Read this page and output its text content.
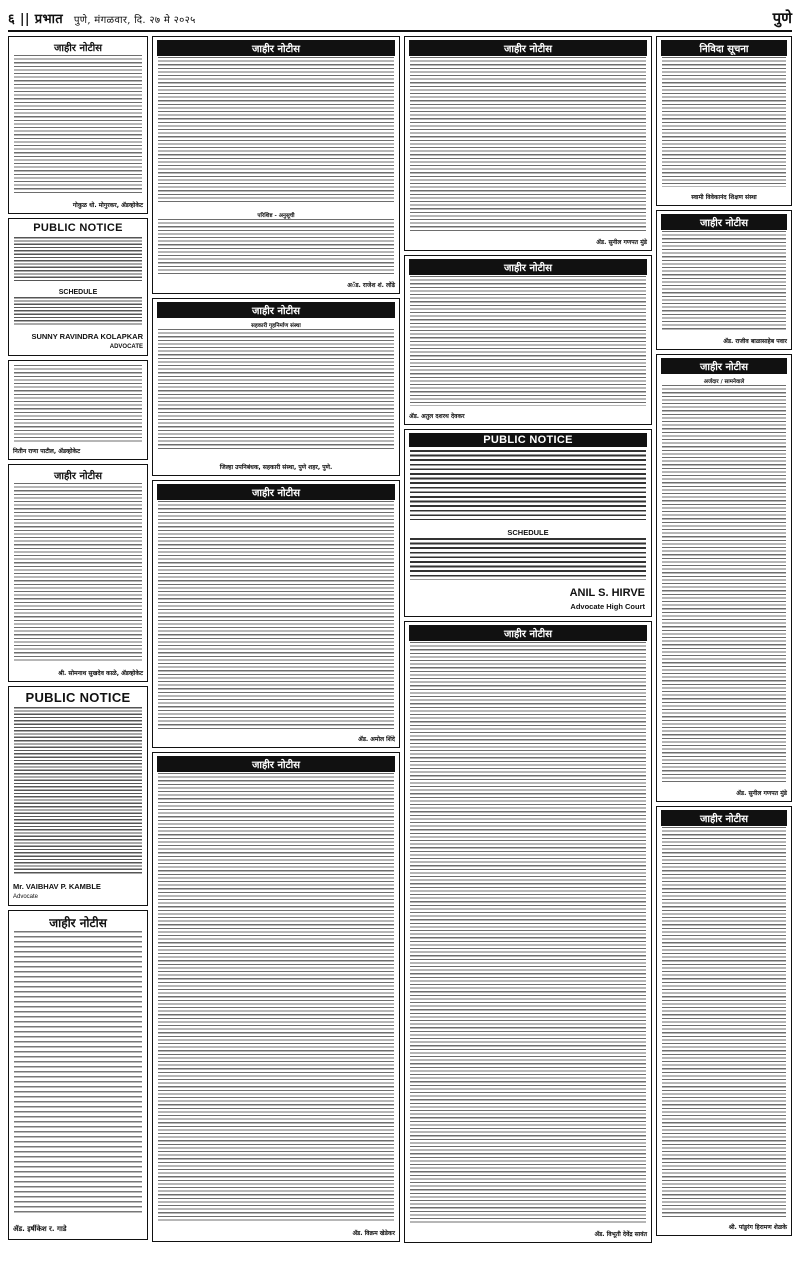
६ || प्रभात पुणे, मंगळवार, दि. २७ मे २०२५	पुणे
जाहीर नोटीस
गोकुळ धो. मोगुरकर, ॲडव्होकेट
PUBLIC NOTICE
SCHEDULE
SUNNY RAVINDRA KOLAPKAR
ADVOCATE
नितीन राणा पाटील, ॲडव्होकेट
जाहीर नोटीस
श्री. सोमनाथ सुखदेव काळे, ॲडव्होकेट
PUBLIC NOTICE
Mr. VAIBHAV P. KAMBLE
Advocate
जाहीर नोटीस
ॲड. इर्षीकेश र. गाडे
जाहीर नोटीस
परिशिष्ट - अनुसूची
अॅड. राजेश शं. लोंढे
जाहीर नोटीस
सहकारी गृहनिर्माण संस्था
जिल्हा उपनिबंधक, सहकारी संस्था, पुणे शहर, पुणे.
जाहीर नोटीस
ॲड. अमोल शिंदे
जाहीर नोटीस
ॲड. विक्रम खेडेकर
जाहीर नोटीस
ॲड. सुनील गणपत मुंडे
जाहीर नोटीस
ॲड. अतुल दशरथ देवकर
PUBLIC NOTICE
SCHEDULE
ANIL S. HIRVE
Advocate High Court
जाहीर नोटीस
ॲड. विभूती देवेंद्र सावंत
निविदा सूचना
स्वामी विवेकानंद शिक्षण संस्था
जाहीर नोटीस
ॲड. राजीव बाळासाहेब पवार
जाहीर नोटीस
अर्जदार / सामनेवाले
ॲड. सुनील गणपत मुंडे
जाहीर नोटीस
श्री. पांडुरंग हिरामण शेळके
